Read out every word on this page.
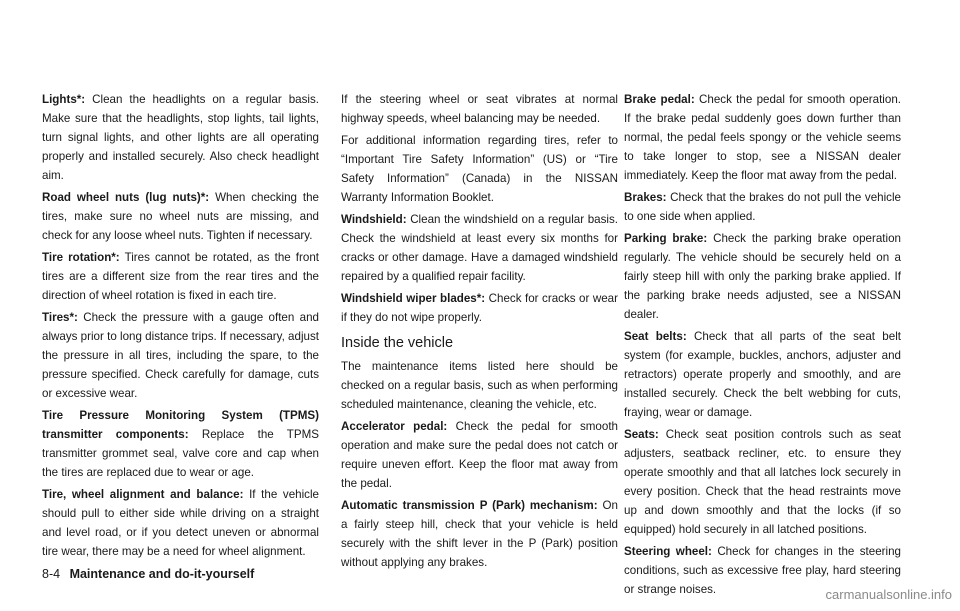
Lights*: Clean the headlights on a regular basis. Make sure that the headlights, stop lights, tail lights, turn signal lights, and other lights are all operating properly and installed securely. Also check headlight aim.

Road wheel nuts (lug nuts)*: When checking the tires, make sure no wheel nuts are missing, and check for any loose wheel nuts. Tighten if necessary.

Tire rotation*: Tires cannot be rotated, as the front tires are a different size from the rear tires and the direction of wheel rotation is fixed in each tire.

Tires*: Check the pressure with a gauge often and always prior to long distance trips. If necessary, adjust the pressure in all tires, including the spare, to the pressure specified. Check carefully for damage, cuts or excessive wear.

Tire Pressure Monitoring System (TPMS) transmitter components: Replace the TPMS transmitter grommet seal, valve core and cap when the tires are replaced due to wear or age.

Tire, wheel alignment and balance: If the vehicle should pull to either side while driving on a straight and level road, or if you detect uneven or abnormal tire wear, there may be a need for wheel alignment.

If the steering wheel or seat vibrates at normal highway speeds, wheel balancing may be needed.

For additional information regarding tires, refer to “Important Tire Safety Information” (US) or “Tire Safety Information” (Canada) in the NISSAN Warranty Information Booklet.

Windshield: Clean the windshield on a regular basis. Check the windshield at least every six months for cracks or other damage. Have a damaged windshield repaired by a qualified repair facility.

Windshield wiper blades*: Check for cracks or wear if they do not wipe properly.

Inside the vehicle

The maintenance items listed here should be checked on a regular basis, such as when performing scheduled maintenance, cleaning the vehicle, etc.

Accelerator pedal: Check the pedal for smooth operation and make sure the pedal does not catch or require uneven effort. Keep the floor mat away from the pedal.

Automatic transmission P (Park) mechanism: On a fairly steep hill, check that your vehicle is held securely with the shift lever in the P (Park) position without applying any brakes.

Brake pedal: Check the pedal for smooth operation. If the brake pedal suddenly goes down further than normal, the pedal feels spongy or the vehicle seems to take longer to stop, see a NISSAN dealer immediately. Keep the floor mat away from the pedal.

Brakes: Check that the brakes do not pull the vehicle to one side when applied.

Parking brake: Check the parking brake operation regularly. The vehicle should be securely held on a fairly steep hill with only the parking brake applied. If the parking brake needs adjusted, see a NISSAN dealer.

Seat belts: Check that all parts of the seat belt system (for example, buckles, anchors, adjuster and retractors) operate properly and smoothly, and are installed securely. Check the belt webbing for cuts, fraying, wear or damage.

Seats: Check seat position controls such as seat adjusters, seatback recliner, etc. to ensure they operate smoothly and that all latches lock securely in every position. Check that the head restraints move up and down smoothly and that the locks (if so equipped) hold securely in all latched positions.

Steering wheel: Check for changes in the steering conditions, such as excessive free play, hard steering or strange noises.

8-4 Maintenance and do-it-yourself
carmanualsonline.info
